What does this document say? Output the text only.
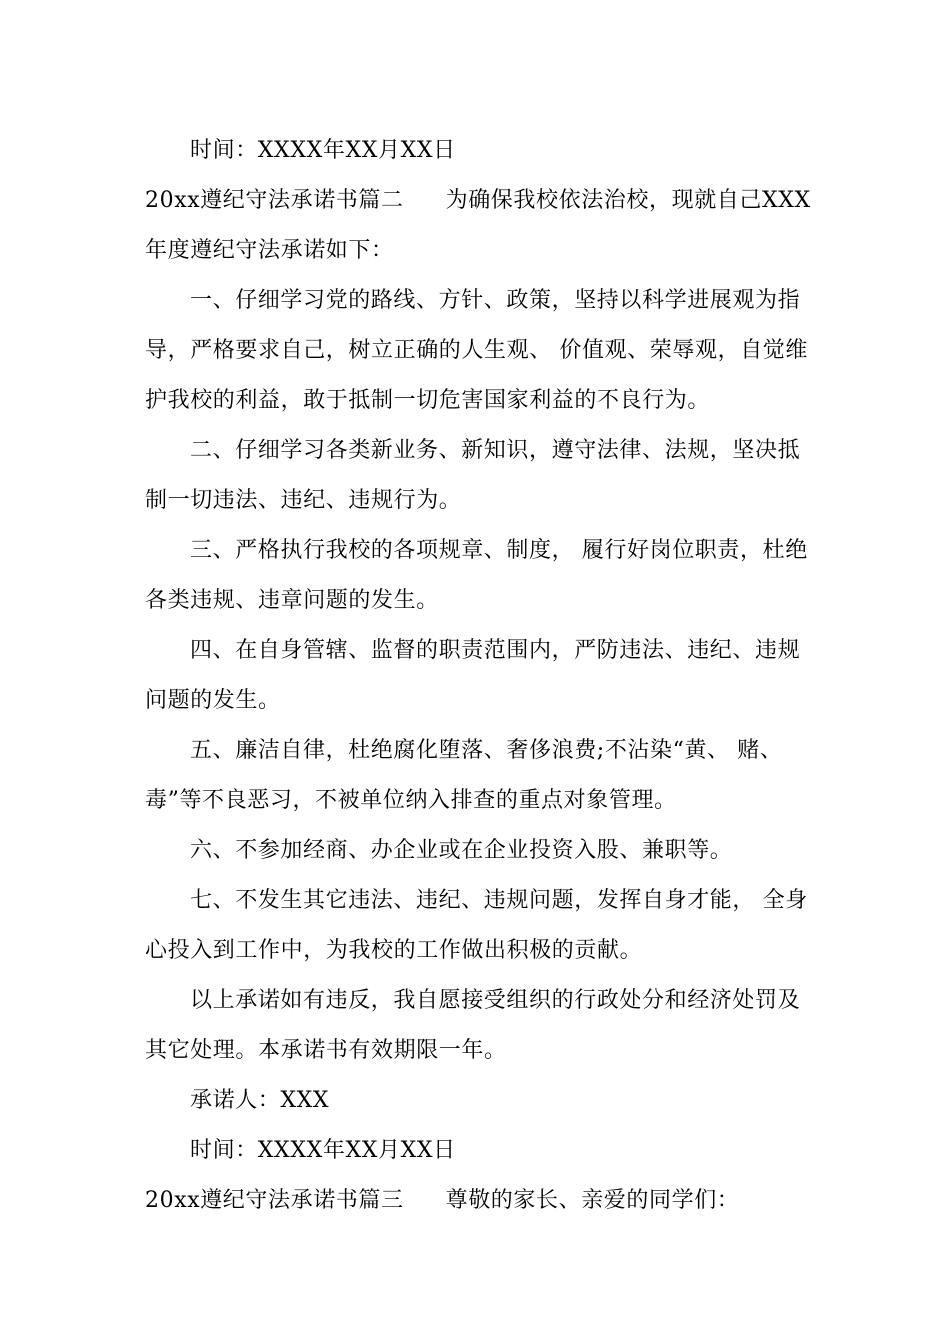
时间：XXXX年XX月XX日
20xx遵纪守法承诺书篇二 为确保我校依法治校，现就自己XXX
年度遵纪守法承诺如下：
一、仔细学习党的路线、方针、政策，坚持以科学进展观为指
导，严格要求自己，树立正确的人生观、 价值观、荣辱观，自觉维
护我校的利益，敢于抵制一切危害国家利益的不良行为。
二、仔细学习各类新业务、新知识，遵守法律、法规，坚决抵
制一切违法、违纪、违规行为。
三、严格执行我校的各项规章、制度， 履行好岗位职责，杜绝
各类违规、违章问题的发生。
四、在自身管辖、监督的职责范围内，严防违法、违纪、违规
问题的发生。
五、廉洁自律，杜绝腐化堕落、奢侈浪费;不沾染“黄、 赌、
毒”等不良恶习，不被单位纳入排查的重点对象管理。
六、不参加经商、办企业或在企业投资入股、兼职等。
七、不发生其它违法、违纪、违规问题，发挥自身才能， 全身
心投入到工作中，为我校的工作做出积极的贡献。
以上承诺如有违反，我自愿接受组织的行政处分和经济处罚及
其它处理。本承诺书有效期限一年。
承诺人：XXX
时间：XXXX年XX月XX日
20xx遵纪守法承诺书篇三 尊敬的家长、亲爱的同学们：
